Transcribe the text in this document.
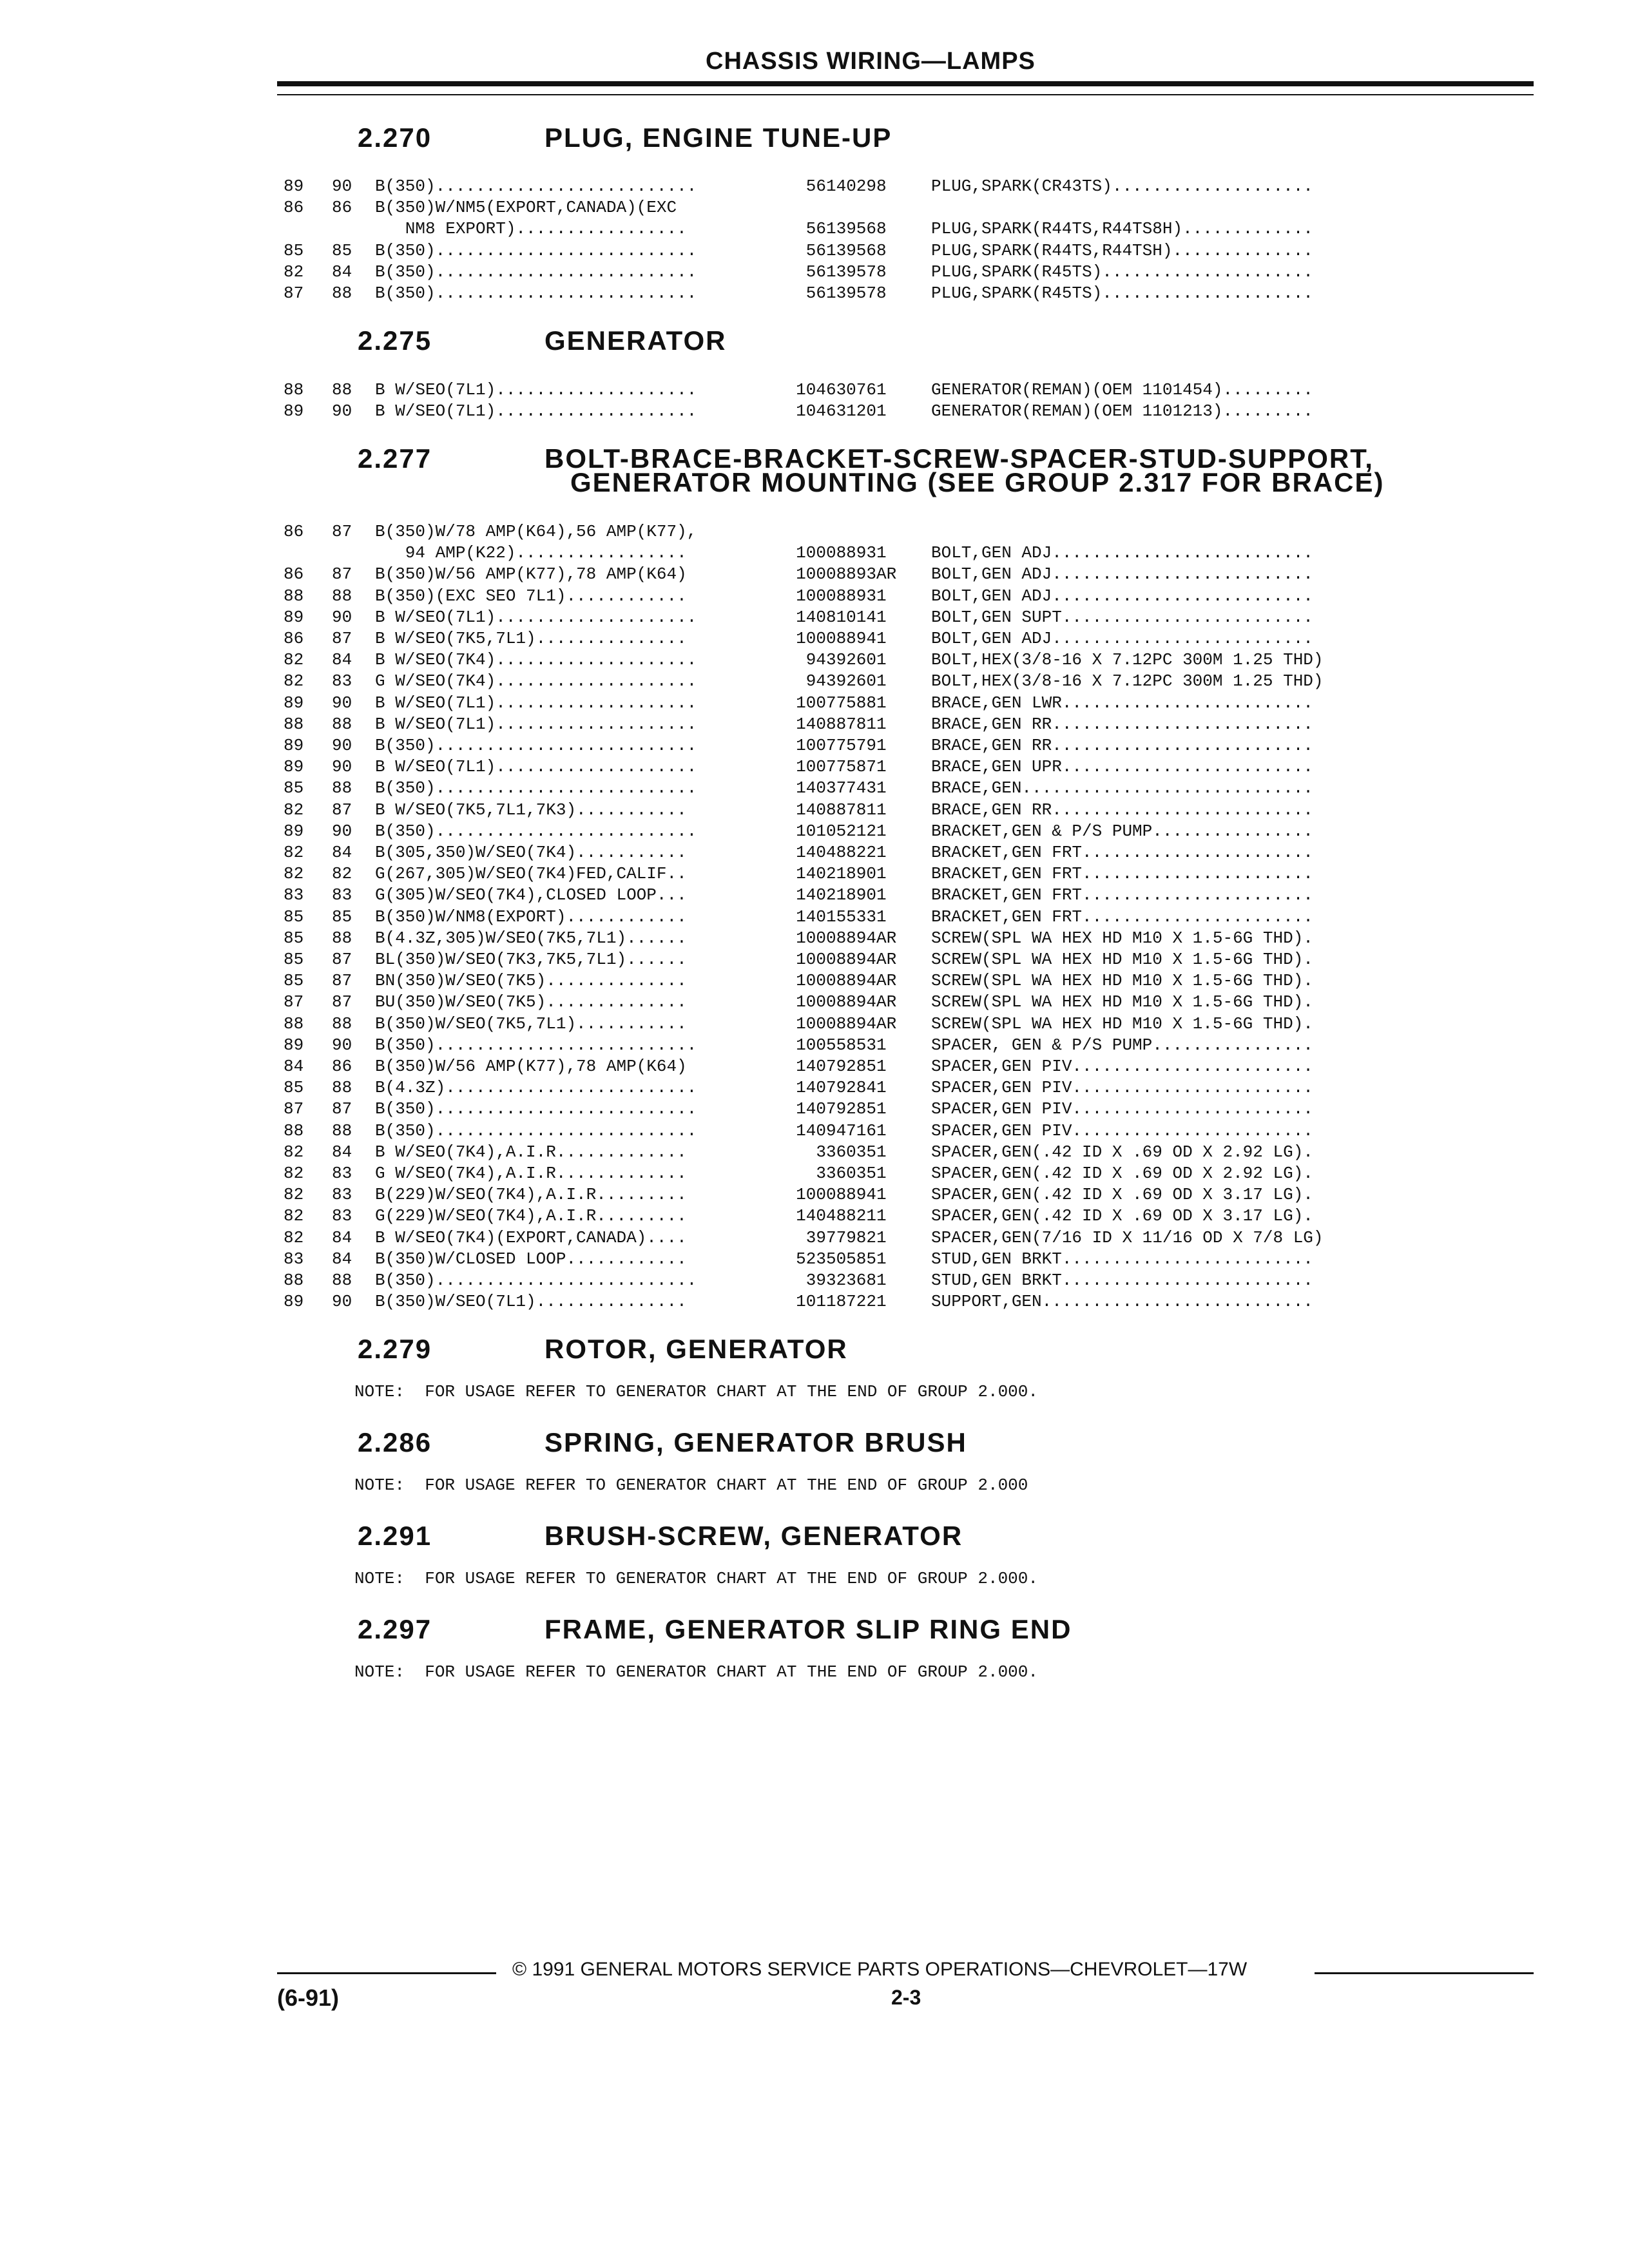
CHASSIS WIRING—LAMPS
2.270	PLUG, ENGINE TUNE-UP
89 90 B(350)..........................	5614029 8	PLUG,SPARK(CR43TS)....................
86 86 B(350)W/NM5(EXPORT,CANADA)(EXC
NM8 EXPORT).................	5613956 8	PLUG,SPARK(R44TS,R44TS8H).............
85 85 B(350)..........................	5613956 8	PLUG,SPARK(R44TS,R44TSH)..............
82 84 B(350)..........................	5613957 8	PLUG,SPARK(R45TS).....................
87 88 B(350)..........................	5613957 8	PLUG,SPARK(R45TS).....................
2.275	GENERATOR
88 88 B W/SEO(7L1)....................	10463076 1	GENERATOR(REMAN)(OEM 1101454).........
89 90 B W/SEO(7L1)....................	10463120 1	GENERATOR(REMAN)(OEM 1101213).........
2.277	BOLT-BRACE-BRACKET-SCREW-SPACER-STUD-SUPPORT,
GENERATOR MOUNTING (SEE GROUP 2.317 FOR BRACE)
86 87 B(350)W/78 AMP(K64),56 AMP(K77),
94 AMP(K22).................	10008893 1	BOLT,GEN ADJ..........................
86 87 B(350)W/56 AMP(K77),78 AMP(K64)	10008893 AR BOLT,GEN ADJ..........................
88 88 B(350)(EXC SEO 7L1)............	10008893 1	BOLT,GEN ADJ..........................
89 90 B W/SEO(7L1)....................	14081014 1	BOLT,GEN SUPT.........................
86 87 B W/SEO(7K5,7L1)...............	10008894 1	BOLT,GEN ADJ..........................
82 84 B W/SEO(7K4)....................	9439260 1	BOLT,HEX(3/8-16 X 7.12PC 300M 1.25 THD)
82 83 G W/SEO(7K4)....................	9439260 1	BOLT,HEX(3/8-16 X 7.12PC 300M 1.25 THD)
89 90 B W/SEO(7L1)....................	10077588 1	BRACE,GEN LWR.........................
88 88 B W/SEO(7L1)....................	14088781 1	BRACE,GEN RR..........................
89 90 B(350)..........................	10077579 1	BRACE,GEN RR..........................
89 90 B W/SEO(7L1)....................	10077587 1	BRACE,GEN UPR.........................
85 88 B(350)..........................	14037743 1	BRACE,GEN.............................
82 87 B W/SEO(7K5,7L1,7K3)...........	14088781 1	BRACE,GEN RR..........................
89 90 B(350)..........................	10105212 1	BRACKET,GEN & P/S PUMP................
82 84 B(305,350)W/SEO(7K4)...........	14048822 1	BRACKET,GEN FRT.......................
82 82 G(267,305)W/SEO(7K4)FED,CALIF..	14021890 1	BRACKET,GEN FRT.......................
83 83 G(305)W/SEO(7K4),CLOSED LOOP...	14021890 1	BRACKET,GEN FRT.......................
85 85 B(350)W/NM8(EXPORT)............	14015533 1	BRACKET,GEN FRT.......................
85 88 B(4.3Z,305)W/SEO(7K5,7L1)......	10008894 AR SCREW(SPL WA HEX HD M10 X 1.5-6G THD).
85 87 BL(350)W/SEO(7K3,7K5,7L1)......	10008894 AR SCREW(SPL WA HEX HD M10 X 1.5-6G THD).
85 87 BN(350)W/SEO(7K5)..............	10008894 AR SCREW(SPL WA HEX HD M10 X 1.5-6G THD).
87 87 BU(350)W/SEO(7K5)..............	10008894 AR SCREW(SPL WA HEX HD M10 X 1.5-6G THD).
88 88 B(350)W/SEO(7K5,7L1)...........	10008894 AR SCREW(SPL WA HEX HD M10 X 1.5-6G THD).
89 90 B(350)..........................	10055853 1	SPACER, GEN & P/S PUMP................
84 86 B(350)W/56 AMP(K77),78 AMP(K64)	14079285 1	SPACER,GEN PIV........................
85 88 B(4.3Z).........................	14079284 1	SPACER,GEN PIV........................
87 87 B(350)..........................	14079285 1	SPACER,GEN PIV........................
88 88 B(350)..........................	14094716 1	SPACER,GEN PIV........................
82 84 B W/SEO(7K4),A.I.R.............	336035 1	SPACER,GEN(.42 ID X .69 OD X 2.92 LG).
82 83 G W/SEO(7K4),A.I.R.............	336035 1	SPACER,GEN(.42 ID X .69 OD X 2.92 LG).
82 83 B(229)W/SEO(7K4),A.I.R.........	10008894 1	SPACER,GEN(.42 ID X .69 OD X 3.17 LG).
82 83 G(229)W/SEO(7K4),A.I.R.........	14048821 1	SPACER,GEN(.42 ID X .69 OD X 3.17 LG).
82 84 B W/SEO(7K4)(EXPORT,CANADA)....	3977982 1	SPACER,GEN(7/16 ID X 11/16 OD X 7/8 LG)
83 84 B(350)W/CLOSED LOOP............	52350585 1	STUD,GEN BRKT.........................
88 88 B(350)..........................	3932368 1	STUD,GEN BRKT.........................
89 90 B(350)W/SEO(7L1)...............	10118722 1	SUPPORT,GEN...........................
2.279	ROTOR, GENERATOR
NOTE:  FOR USAGE REFER TO GENERATOR CHART AT THE END OF GROUP 2.000.
2.286	SPRING, GENERATOR BRUSH
NOTE:  FOR USAGE REFER TO GENERATOR CHART AT THE END OF GROUP 2.000
2.291	BRUSH-SCREW, GENERATOR
NOTE:  FOR USAGE REFER TO GENERATOR CHART AT THE END OF GROUP 2.000.
2.297	FRAME, GENERATOR SLIP RING END
NOTE:  FOR USAGE REFER TO GENERATOR CHART AT THE END OF GROUP 2.000.
© 1991 GENERAL MOTORS SERVICE PARTS OPERATIONS—CHEVROLET—17W
(6-91)	2-3
